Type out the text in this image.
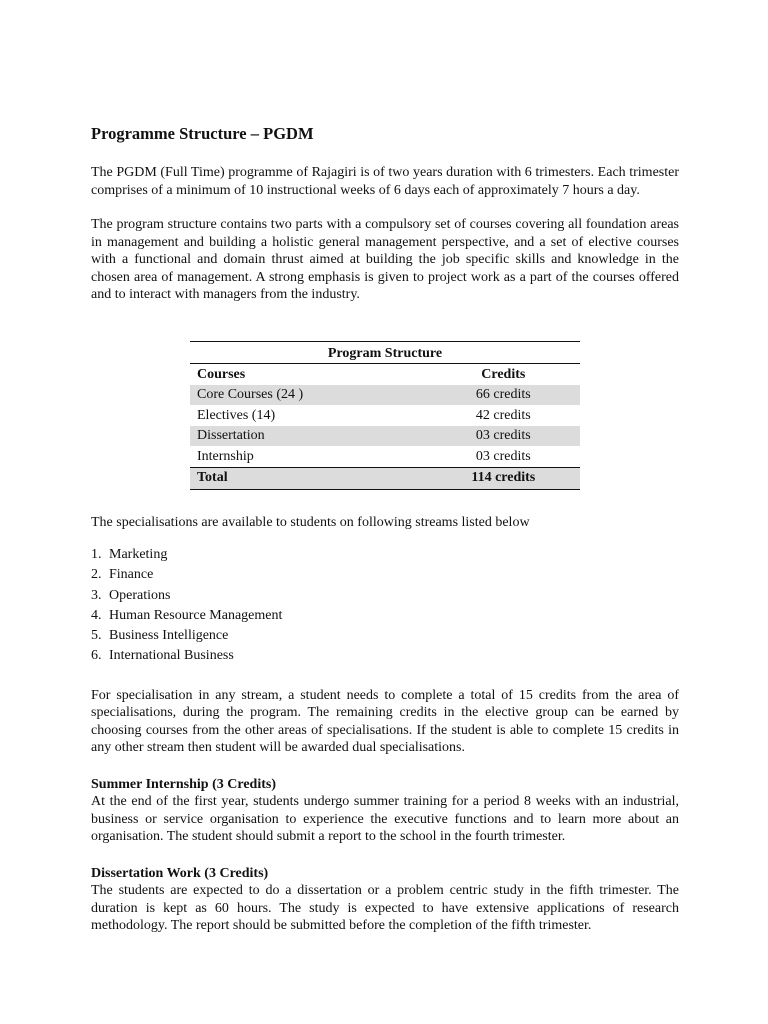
Programme Structure – PGDM

The PGDM (Full Time) programme of Rajagiri is of two years duration with 6 trimesters. Each trimester comprises of a minimum of 10 instructional weeks of 6 days each of approximately 7 hours a day.

The program structure contains two parts with a compulsory set of courses covering all foundation areas in management and building a holistic general management perspective, and a set of elective courses with a functional and domain thrust aimed at building the job specific skills and knowledge in the chosen area of management. A strong emphasis is given to project work as a part of the courses offered and to interact with managers from the industry.

Program Structure
Courses	Credits
Core Courses (24 )	66 credits
Electives (14)	42 credits
Dissertation	03 credits
Internship	03 credits
Total	114 credits

The specialisations are available to students on following streams listed below

1. Marketing
2. Finance
3. Operations
4. Human Resource Management
5. Business Intelligence
6. International Business

For specialisation in any stream, a student needs to complete a total of 15 credits from the area of specialisations, during the program. The remaining credits in the elective group can be earned by choosing courses from the other areas of specialisations. If the student is able to complete 15 credits in any other stream then student will be awarded dual specialisations.

Summer Internship (3 Credits)

At the end of the first year, students undergo summer training for a period 8 weeks with an industrial, business or service organisation to experience the executive functions and to learn more about an organisation. The student should submit a report to the school in the fourth trimester.

Dissertation Work (3 Credits)

The students are expected to do a dissertation or a problem centric study in the fifth trimester. The duration is kept as 60 hours. The study is expected to have extensive applications of research methodology. The report should be submitted before the completion of the fifth trimester.
